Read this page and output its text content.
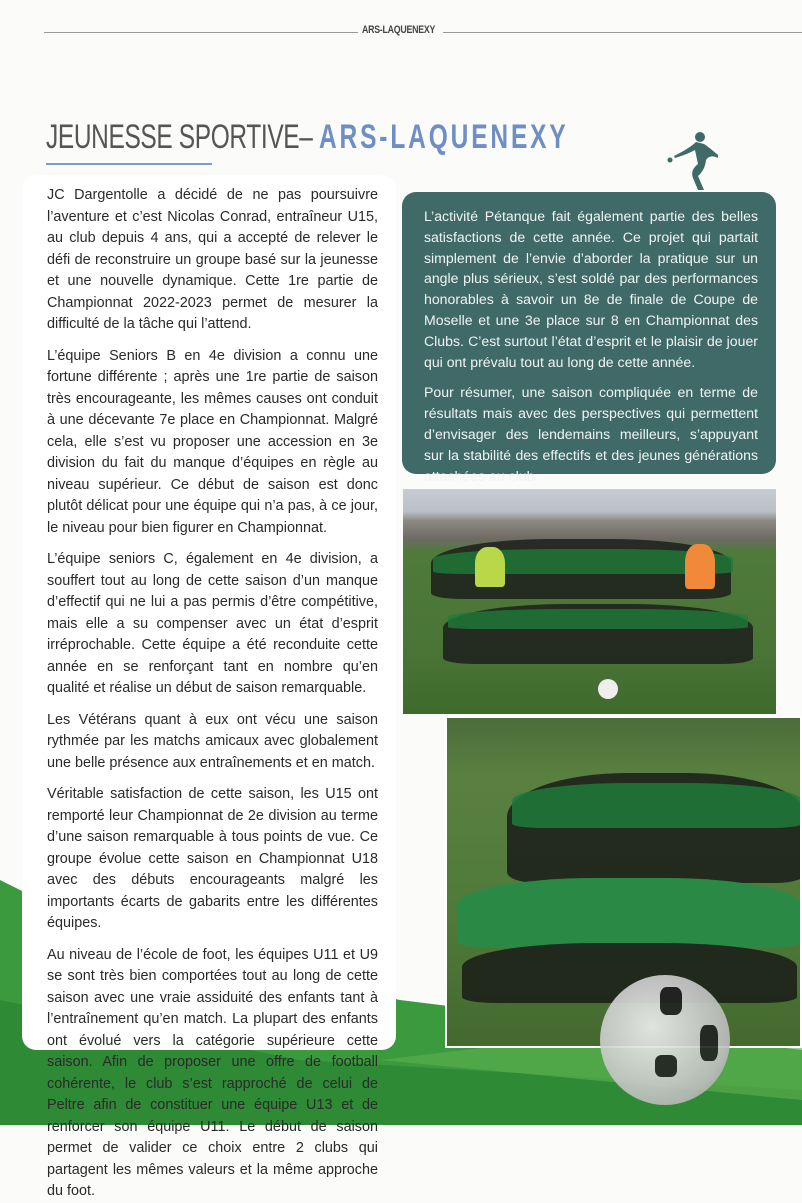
ARS-LAQUENEXY
JEUNESSE SPORTIVE– ARS-LAQUENEXY

JC Dargentolle a décidé de ne pas poursuivre l’aventure et c’est Nicolas Conrad, entraîneur U15, au club depuis 4 ans, qui a accepté de relever le défi de reconstruire un groupe basé sur la jeunesse et une nouvelle dynamique. Cette 1re partie de Championnat 2022-2023 permet de mesurer la difficulté de la tâche qui l’attend.

L’équipe Seniors B en 4e division a connu une fortune différente ; après une 1re partie de saison très encourageante, les mêmes causes ont conduit à une décevante 7e place en Championnat. Malgré cela, elle s’est vu proposer une accession en 3e division du fait du manque d’équipes en règle au niveau supérieur. Ce début de saison est donc plutôt délicat pour une équipe qui n’a pas, à ce jour, le niveau pour bien figurer en Championnat.

L’équipe seniors C, également en 4e division, a souffert tout au long de cette saison d’un manque d’effectif qui ne lui a pas permis d’être compétitive, mais elle a su compenser avec un état d’esprit irréprochable. Cette équipe a été reconduite cette année en se renforçant tant en nombre qu’en qualité et réalise un début de saison remarquable.

Les Vétérans quant à eux ont vécu une saison rythmée par les matchs amicaux avec globalement une belle présence aux entraînements et en match.

Véritable satisfaction de cette saison, les U15 ont remporté leur Championnat de 2e division au terme d’une saison remarquable à tous points de vue. Ce groupe évolue cette saison en Championnat U18 avec des débuts encourageants malgré les importants écarts de gabarits entre les différentes équipes.

Au niveau de l’école de foot, les équipes U11 et U9 se sont très bien comportées tout au long de cette saison avec une vraie assiduité des enfants tant à l’entraînement qu’en match. La plupart des enfants ont évolué vers la catégorie supérieure cette saison. Afin de proposer une offre de football cohérente, le club s’est rapproché de celui de Peltre afin de constituer une équipe U13 et de renforcer son équipe U11. Le début de saison permet de valider ce choix entre 2 clubs qui partagent les mêmes valeurs et la même approche du foot.

L’activité Pétanque fait également partie des belles satisfactions de cette année. Ce projet qui partait simplement de l’envie d’aborder la pratique sur un angle plus sérieux, s’est soldé par des performances honorables à savoir un 8e de finale de Coupe de Moselle et une 3e place sur 8 en Championnat des Clubs. C’est surtout l’état d’esprit et le plaisir de jouer qui ont prévalu tout au long de cette année.

Pour résumer, une saison compliquée en terme de résultats mais avec des perspectives qui permettent d’envisager des lendemains meilleurs, s’appuyant sur la stabilité des effectifs et des jeunes générations attachées au club.
